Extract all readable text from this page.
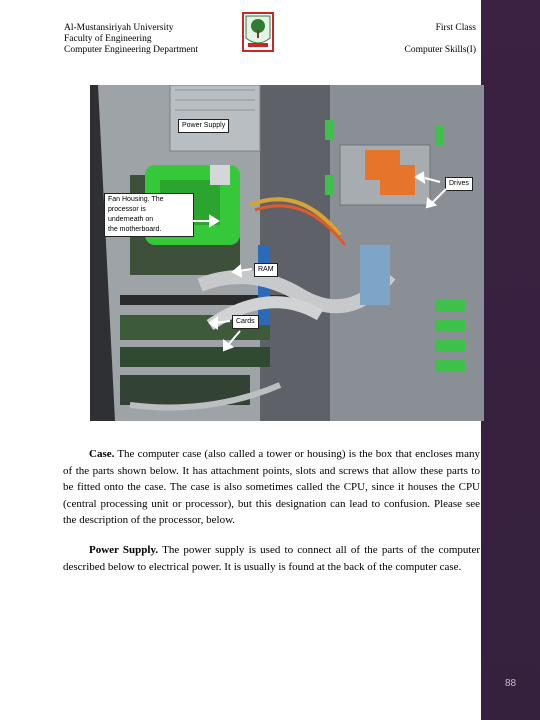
88
Al-Mustansiriyah University
Faculty of Engineering
Computer Engineering Department
First Class
Computer Skills(I)
Power Supply
Drives
Fan Housing. The
processor is
underneath on
the motherboard.
RAM
Cards
Case. The computer case (also called a tower or housing) is the box that encloses many of the parts shown below. It has attachment points, slots and screws that allow these parts to be fitted onto the case. The case is also sometimes called the CPU, since it houses the CPU (central processing unit or processor), but this designation can lead to confusion. Please see the description of the processor, below.
Power Supply. The power supply is used to connect all of the parts of the computer described below to electrical power. It is usually is found at the back of the computer case.
